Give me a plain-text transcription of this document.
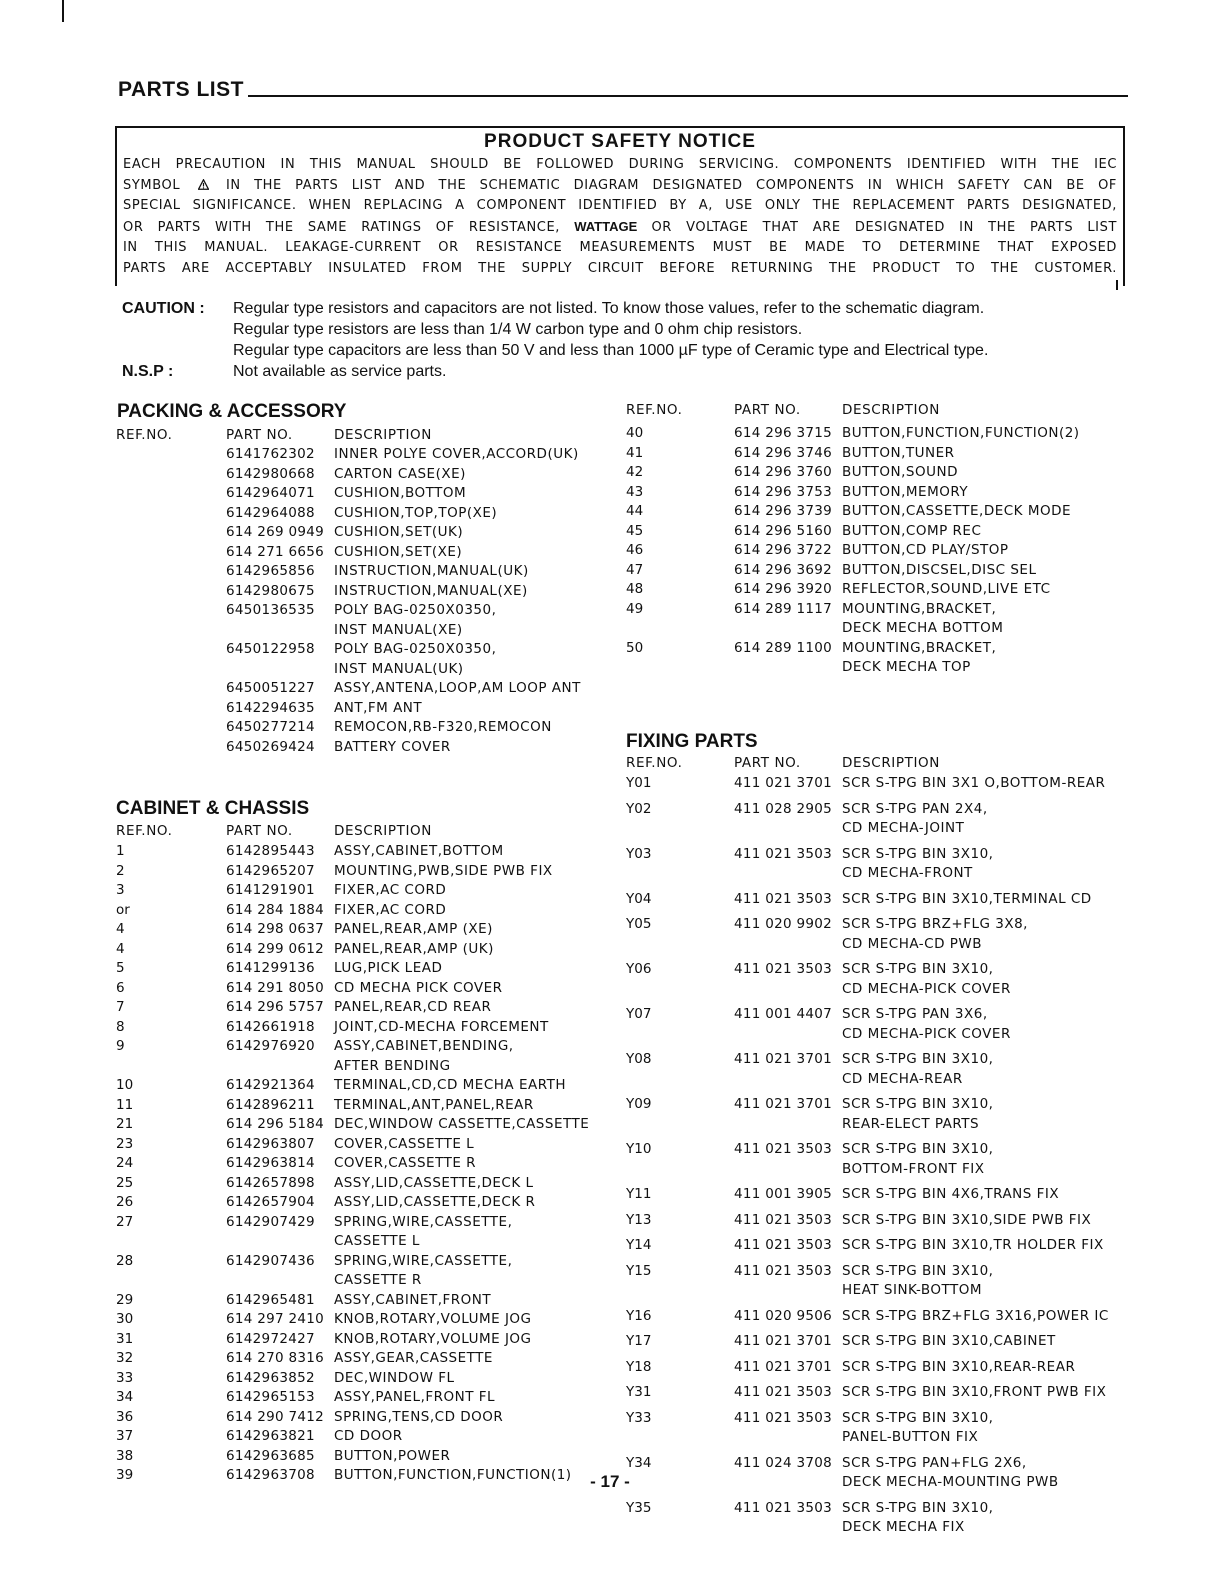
PARTS LIST
PRODUCT SAFETY NOTICE
EACH PRECAUTION IN THIS MANUAL SHOULD BE FOLLOWED DURING SERVICING. COMPONENTS IDENTIFIED WITH THE IEC
SYMBOL	IN THE PARTS LIST AND THE SCHEMATIC DIAGRAM DESIGNATED COMPONENTS IN WHICH SAFETY CAN BE OF
SPECIAL SIGNIFICANCE. WHEN REPLACING A COMPONENT IDENTIFIED BY A, USE ONLY THE REPLACEMENT PARTS DESIGNATED,
OR PARTS WITH THE SAME RATINGS OF RESISTANCE, WATTAGE OR VOLTAGE THAT ARE DESIGNATED IN THE PARTS LIST
IN THIS MANUAL. LEAKAGE-CURRENT OR RESISTANCE MEASUREMENTS MUST BE MADE TO DETERMINE THAT EXPOSED
PARTS ARE ACCEPTABLY INSULATED FROM THE SUPPLY CIRCUIT BEFORE RETURNING THE PRODUCT TO THE CUSTOMER.
CAUTION :	Regular type resistors and capacitors are not listed. To know those values, refer to the schematic diagram.
Regular type resistors are less than 1/4 W carbon type and 0 ohm chip resistors.
Regular type capacitors are less than 50 V and less than 1000 µF type of Ceramic type and Electrical type.
N.S.P :	Not available as service parts.
PACKING & ACCESSORY
REF.NO.	PART NO.	DESCRIPTION
6141762302 INNER POLYE COVER,ACCORD(UK)
6142980668 CARTON CASE(XE)
6142964071 CUSHION,BOTTOM
6142964088 CUSHION,TOP,TOP(XE)
614 269 0949 CUSHION,SET(UK)
614 271 6656 CUSHION,SET(XE)
6142965856 INSTRUCTION,MANUAL(UK)
6142980675 INSTRUCTION,MANUAL(XE)
6450136535 POLY BAG-0250X0350,
INST MANUAL(XE)
6450122958 POLY BAG-0250X0350,
INST MANUAL(UK)
6450051227 ASSY,ANTENA,LOOP,AM LOOP ANT
6142294635 ANT,FM ANT
6450277214 REMOCON,RB-F320,REMOCON
6450269424 BATTERY COVER
CABINET & CHASSIS
REF.NO.	PART NO.	DESCRIPTION
1	6142895443 ASSY,CABINET,BOTTOM
2	6142965207 MOUNTING,PWB,SIDE PWB FIX
3	6141291901 FIXER,AC CORD
or	614 284 1884 FIXER,AC CORD
4	614 298 0637 PANEL,REAR,AMP (XE)
4	614 299 0612 PANEL,REAR,AMP (UK)
5	6141299136 LUG,PICK LEAD
6	614 291 8050 CD MECHA PICK COVER
7	614 296 5757 PANEL,REAR,CD REAR
8	6142661918 JOINT,CD-MECHA FORCEMENT
9	6142976920 ASSY,CABINET,BENDING,
AFTER BENDING
10	6142921364 TERMINAL,CD,CD MECHA EARTH
11	6142896211 TERMINAL,ANT,PANEL,REAR
21	614 296 5184 DEC,WINDOW CASSETTE,CASSETTE
23	6142963807 COVER,CASSETTE L
24	6142963814 COVER,CASSETTE R
25	6142657898 ASSY,LID,CASSETTE,DECK L
26	6142657904 ASSY,LID,CASSETTE,DECK R
27	6142907429 SPRING,WIRE,CASSETTE,
CASSETTE L
28	6142907436 SPRING,WIRE,CASSETTE,
CASSETTE R
29	6142965481 ASSY,CABINET,FRONT
30	614 297 2410 KNOB,ROTARY,VOLUME JOG
31	6142972427 KNOB,ROTARY,VOLUME JOG
32	614 270 8316 ASSY,GEAR,CASSETTE
33	6142963852 DEC,WINDOW FL
34	6142965153 ASSY,PANEL,FRONT FL
36	614 290 7412 SPRING,TENS,CD DOOR
37	6142963821 CD DOOR
38	6142963685 BUTTON,POWER
39	6142963708 BUTTON,FUNCTION,FUNCTION(1)
REF.NO.	PART NO.	DESCRIPTION
40	614 296 3715 BUTTON,FUNCTION,FUNCTION(2)
41	614 296 3746 BUTTON,TUNER
42	614 296 3760 BUTTON,SOUND
43	614 296 3753 BUTTON,MEMORY
44	614 296 3739 BUTTON,CASSETTE,DECK MODE
45	614 296 5160 BUTTON,COMP REC
46	614 296 3722 BUTTON,CD PLAY/STOP
47	614 296 3692 BUTTON,DISCSEL,DISC SEL
48	614 296 3920 REFLECTOR,SOUND,LIVE ETC
49	614 289 1117 MOUNTING,BRACKET,
DECK MECHA BOTTOM
50	614 289 1100 MOUNTING,BRACKET,
DECK MECHA TOP
FIXING PARTS
REF.NO.	PART NO.	DESCRIPTION
Y01	411 021 3701 SCR S-TPG BIN 3X1 O,BOTTOM-REAR
Y02	411 028 2905 SCR S-TPG PAN 2X4,
CD MECHA-JOINT
Y03	411 021 3503 SCR S-TPG BIN 3X10,
CD MECHA-FRONT
Y04	411 021 3503 SCR S-TPG BIN 3X10,TERMINAL CD
Y05	411 020 9902 SCR S-TPG BRZ+FLG 3X8,
CD MECHA-CD PWB
Y06	411 021 3503 SCR S-TPG BIN 3X10,
CD MECHA-PICK COVER
Y07	411 001 4407 SCR S-TPG PAN 3X6,
CD MECHA-PICK COVER
Y08	411 021 3701 SCR S-TPG BIN 3X10,
CD MECHA-REAR
Y09	411 021 3701 SCR S-TPG BIN 3X10,
REAR-ELECT PARTS
Y10	411 021 3503 SCR S-TPG BIN 3X10,
BOTTOM-FRONT FIX
Y11	411 001 3905 SCR S-TPG BIN 4X6,TRANS FIX
Y13	411 021 3503 SCR S-TPG BIN 3X10,SIDE PWB FIX
Y14	411 021 3503 SCR S-TPG BIN 3X10,TR HOLDER FIX
Y15	411 021 3503 SCR S-TPG BIN 3X10,
HEAT SINK-BOTTOM
Y16	411 020 9506 SCR S-TPG BRZ+FLG 3X16,POWER IC
Y17	411 021 3701 SCR S-TPG BIN 3X10,CABINET
Y18	411 021 3701 SCR S-TPG BIN 3X10,REAR-REAR
Y31	411 021 3503 SCR S-TPG BIN 3X10,FRONT PWB FIX
Y33	411 021 3503 SCR S-TPG BIN 3X10,
PANEL-BUTTON FIX
Y34	411 024 3708 SCR S-TPG PAN+FLG 2X6,
DECK MECHA-MOUNTING PWB
Y35	411 021 3503 SCR S-TPG BIN 3X10,
DECK MECHA FIX
- 17 -
